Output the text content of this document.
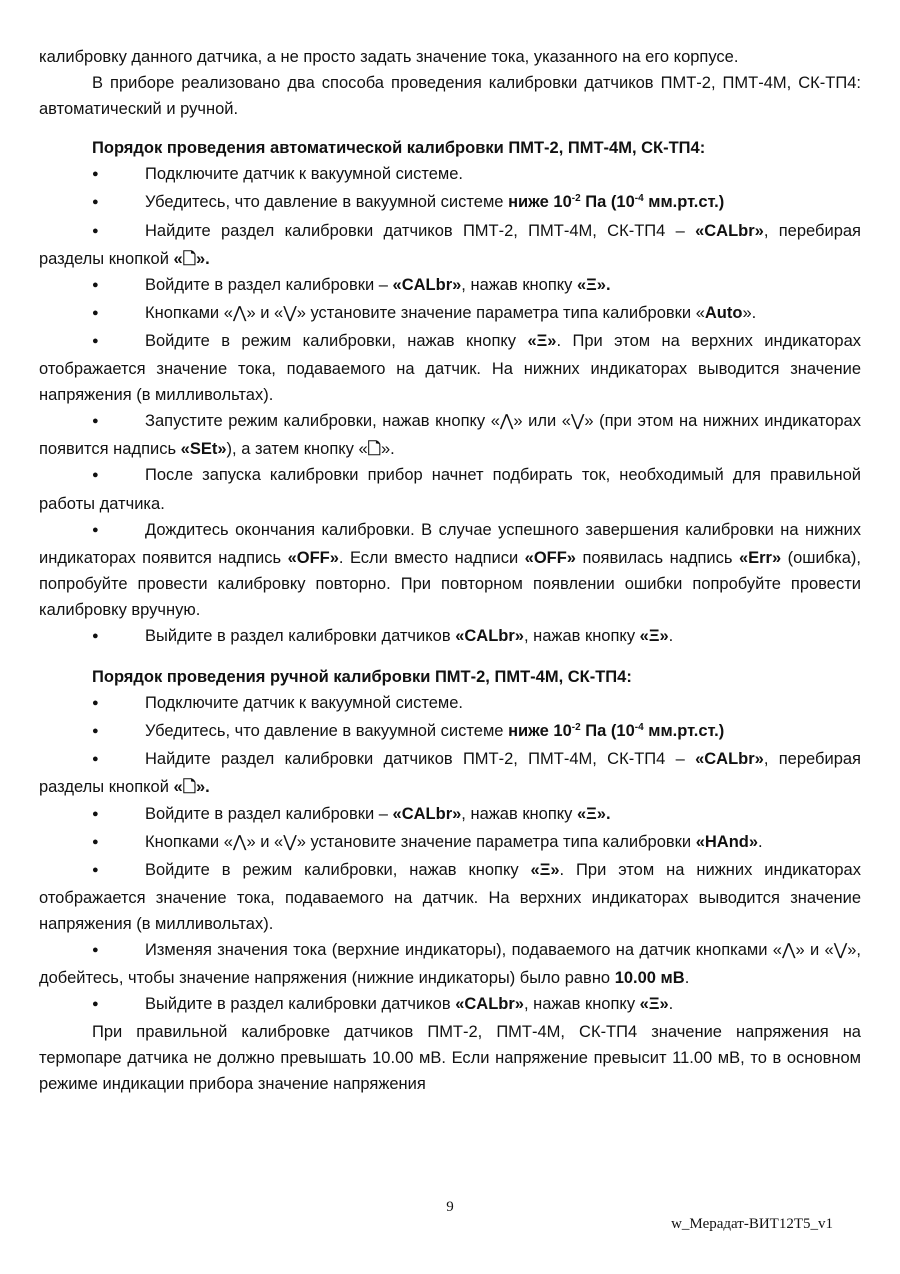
калибровку данного датчика, а не просто задать значение тока, указанного на его корпусе.

В приборе реализовано два способа проведения калибровки датчиков ПМТ-2, ПМТ-4М, СК-ТП4: автоматический и ручной.

Порядок проведения автоматической калибровки ПМТ-2, ПМТ-4М, СК-ТП4:

●Подключите датчик к вакуумной системе.

●Убедитесь, что давление в вакуумной системе ниже $10^{-2}$ Па ($10^{-4}$ мм.рт.ст.)

●Найдите раздел калибровки датчиков ПМТ-2, ПМТ-4М, СК-ТП4 – «CALbr», перебирая разделы кнопкой «🗋».

●Войдите в раздел калибровки – «CALbr», нажав кнопку «Ξ».

●Кнопками «⋀» и «⋁» установите значение параметра типа калибровки «Auto».

●Войдите в режим калибровки, нажав кнопку «Ξ». При этом на верхних индикаторах отображается значение тока, подаваемого на датчик. На нижних индикаторах выводится значение напряжения (в милливольтах).

●Запустите режим калибровки, нажав кнопку «⋀» или «⋁» (при этом на нижних индикаторах появится надпись «SEt»), а затем кнопку «🗋».

●После запуска калибровки прибор начнет подбирать ток, необходимый для правильной работы датчика.

●Дождитесь окончания калибровки. В случае успешного завершения калибровки на нижних индикаторах появится надпись «OFF». Если вместо надписи «OFF» появилась надпись «Err» (ошибка), попробуйте провести калибровку повторно. При повторном появлении ошибки попробуйте провести калибровку вручную.

●Выйдите в раздел калибровки датчиков «CALbr», нажав кнопку «Ξ».

Порядок проведения ручной калибровки ПМТ-2, ПМТ-4М, СК-ТП4:

●Подключите датчик к вакуумной системе.

●Убедитесь, что давление в вакуумной системе ниже $10^{-2}$ Па ($10^{-4}$ мм.рт.ст.)

●Найдите раздел калибровки датчиков ПМТ-2, ПМТ-4М, СК-ТП4 – «CALbr», перебирая разделы кнопкой «🗋».

●Войдите в раздел калибровки – «CALbr», нажав кнопку «Ξ».

●Кнопками «⋀» и «⋁» установите значение параметра типа калибровки «HAnd».

●Войдите в режим калибровки, нажав кнопку «Ξ». При этом на нижних индикаторах отображается значение тока, подаваемого на датчик. На верхних индикаторах выводится значение напряжения (в милливольтах).

●Изменяя значения тока (верхние индикаторы), подаваемого на датчик кнопками «⋀» и «⋁», добейтесь, чтобы значение напряжения (нижние индикаторы) было равно 10.00 мВ.

●Выйдите в раздел калибровки датчиков «CALbr», нажав кнопку «Ξ».

При правильной калибровке датчиков ПМТ-2, ПМТ-4М, СК-ТП4 значение напряжения на термопаре датчика не должно превышать 10.00 мВ. Если напряжение превысит 11.00 мВ, то в основном режиме индикации прибора значение напряжения

9
w_Мерадат-ВИТ12Т5_v1
